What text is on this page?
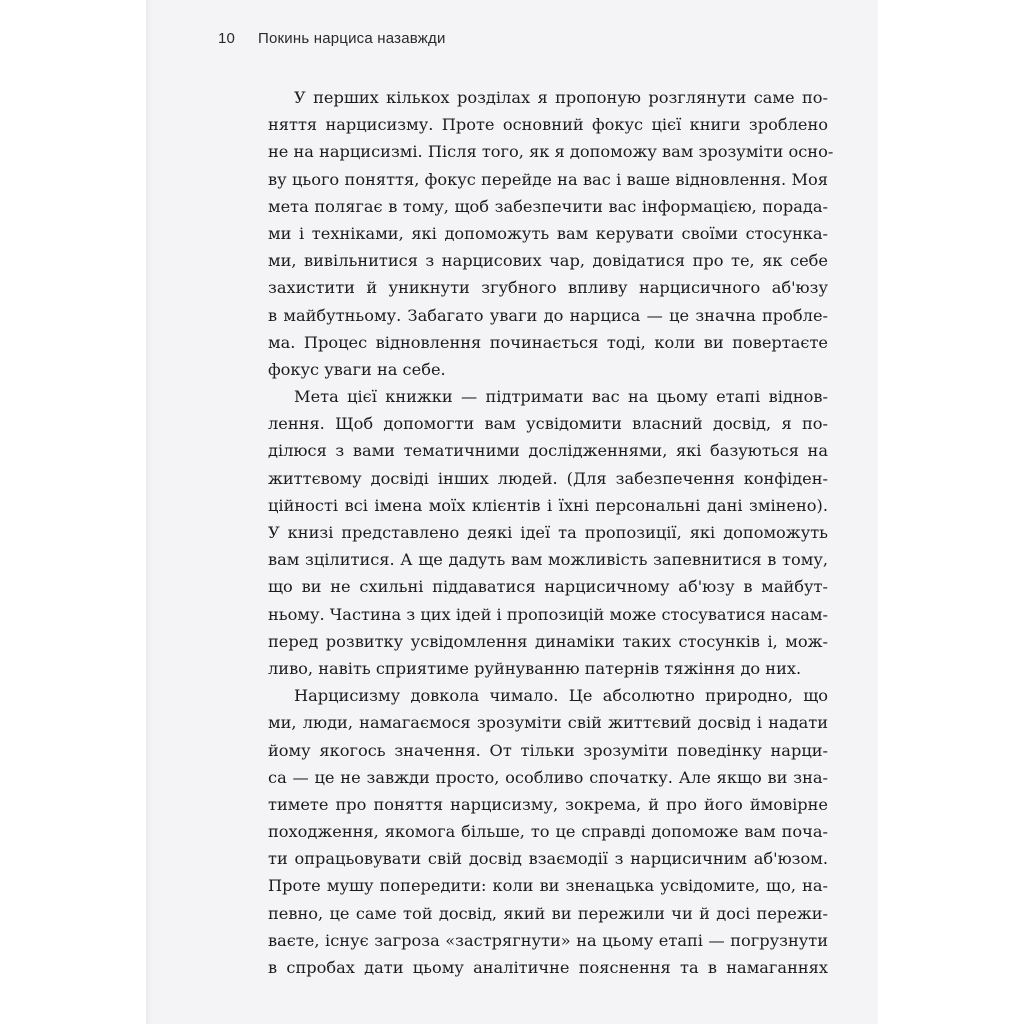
10 Покинь нарциса назавжди
У перших кількох розділах я пропоную розглянути саме по-
няття нарцисизму. Проте основний фокус цієї книги зроблено
не на нарцисизмі. Після того, як я допоможу вам зрозуміти осно-
ву цього поняття, фокус перейде на вас і ваше відновлення. Моя
мета полягає в тому, щоб забезпечити вас інформацією, порада-
ми і техніками, які допоможуть вам керувати своїми стосунка-
ми, вивільнитися з нарцисових чар, довідатися про те, як себе
захистити й уникнути згубного впливу нарцисичного аб'юзу
в майбутньому. Забагато уваги до нарциса — це значна пробле-
ма. Процес відновлення починається тоді, коли ви повертаєте
фокус уваги на себе.
Мета цієї книжки — підтримати вас на цьому етапі віднов-
лення. Щоб допомогти вам усвідомити власний досвід, я по-
ділюся з вами тематичними дослідженнями, які базуються на
життєвому досвіді інших людей. (Для забезпечення конфіден-
ційності всі імена моїх клієнтів і їхні персональні дані змінено).
У книзі представлено деякі ідеї та пропозиції, які допоможуть
вам зцілитися. А ще дадуть вам можливість запевнитися в тому,
що ви не схильні піддаватися нарцисичному аб'юзу в майбут-
ньому. Частина з цих ідей і пропозицій може стосуватися насам-
перед розвитку усвідомлення динаміки таких стосунків і, мож-
ливо, навіть сприятиме руйнуванню патернів тяжіння до них.
Нарцисизму довкола чимало. Це абсолютно природно, що
ми, люди, намагаємося зрозуміти свій життєвий досвід і надати
йому якогось значення. От тільки зрозуміти поведінку нарци-
са — це не завжди просто, особливо спочатку. Але якщо ви зна-
тимете про поняття нарцисизму, зокрема, й про його ймовірне
походження, якомога більше, то це справді допоможе вам поча-
ти опрацьовувати свій досвід взаємодії з нарцисичним аб'юзом.
Проте мушу попередити: коли ви зненацька усвідомите, що, на-
певно, це саме той досвід, який ви пережили чи й досі пережи-
ваєте, існує загроза «застрягнути» на цьому етапі — погрузнути
в спробах дати цьому аналітичне пояснення та в намаганнях
